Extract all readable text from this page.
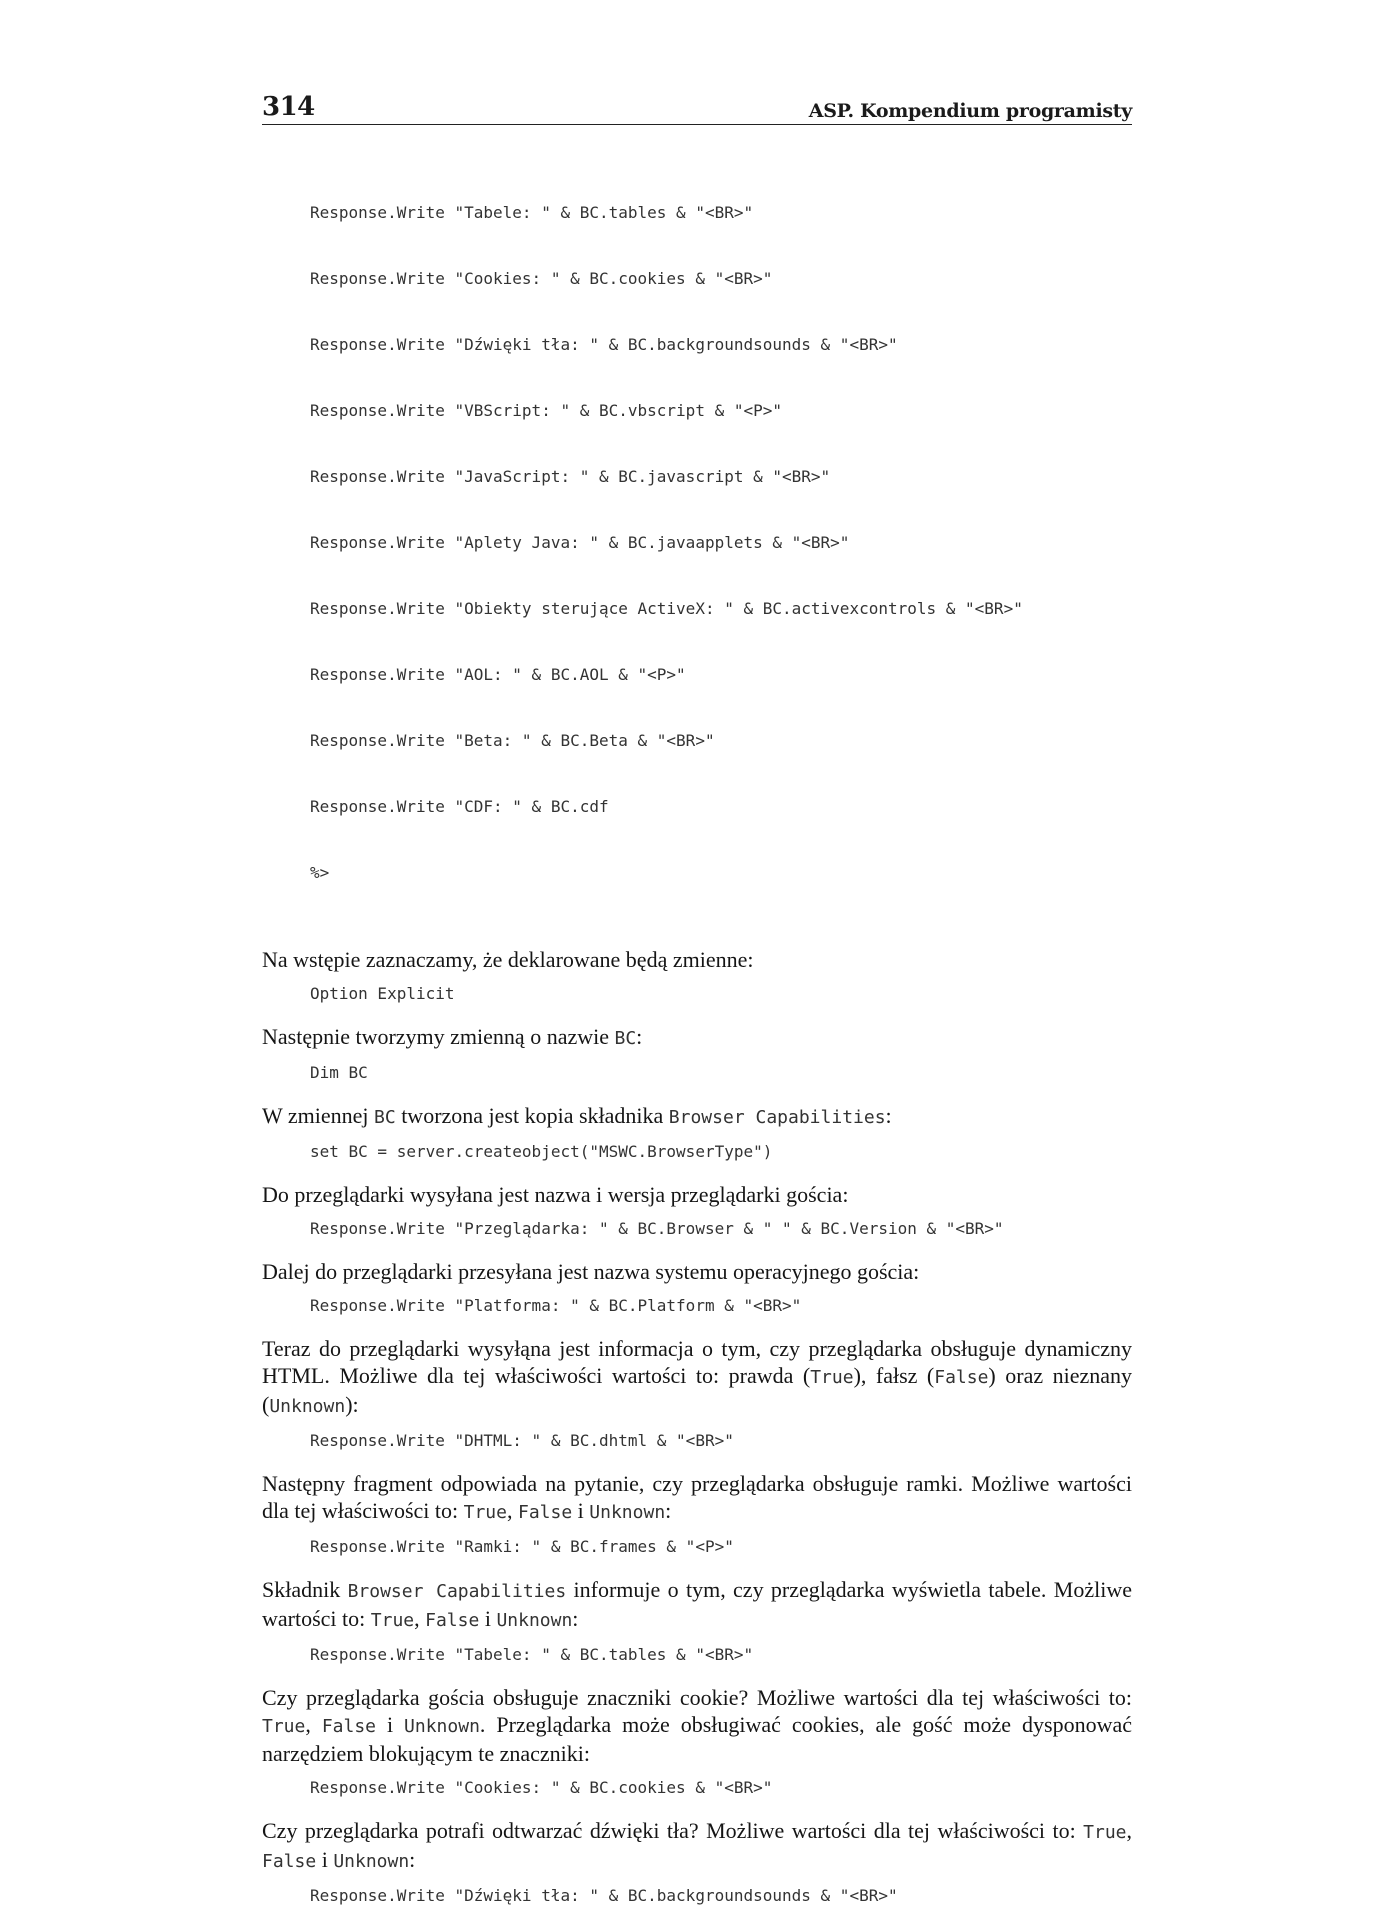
314	ASP. Kompendium programisty

Response.Write "Tabele: " & BC.tables & "<BR>"

Response.Write "Cookies: " & BC.cookies & "<BR>"

Response.Write "Dźwięki tła: " & BC.backgroundsounds & "<BR>"

Response.Write "VBScript: " & BC.vbscript & "<P>"

Response.Write "JavaScript: " & BC.javascript & "<BR>"

Response.Write "Aplety Java: " & BC.javaapplets & "<BR>"

Response.Write "Obiekty sterujące ActiveX: " & BC.activexcontrols & "<BR>"

Response.Write "AOL: " & BC.AOL & "<P>"

Response.Write "Beta: " & BC.Beta & "<BR>"

Response.Write "CDF: " & BC.cdf

%>

Na wstępie zaznaczamy, że deklarowane będą zmienne:

Option Explicit

Następnie tworzymy zmienną o nazwie BC:

Dim BC

W zmiennej BC tworzona jest kopia składnika Browser Capabilities:

set BC = server.createobject("MSWC.BrowserType")

Do przeglądarki wysyłana jest nazwa i wersja przeglądarki gościa:

Response.Write "Przeglądarka: " & BC.Browser & " " & BC.Version & "<BR>"

Dalej do przeglądarki przesyłana jest nazwa systemu operacyjnego gościa:

Response.Write "Platforma: " & BC.Platform & "<BR>"

Teraz do przeglądarki wysyłąna jest informacja o tym, czy przeglądarka obsługuje dynamiczny HTML. Możliwe dla tej właściwości wartości to: prawda (True), fałsz (False) oraz nieznany (Unknown):

Response.Write "DHTML: " & BC.dhtml & "<BR>"

Następny fragment odpowiada na pytanie, czy przeglądarka obsługuje ramki. Możliwe wartości dla tej właściwości to: True, False i Unknown:

Response.Write "Ramki: " & BC.frames & "<P>"

Składnik Browser Capabilities informuje o tym, czy przeglądarka wyświetla tabele. Możliwe wartości to: True, False i Unknown:

Response.Write "Tabele: " & BC.tables & "<BR>"

Czy przeglądarka gościa obsługuje znaczniki cookie? Możliwe wartości dla tej właściwości to: True, False i Unknown. Przeglądarka może obsługiwać cookies, ale gość może dysponować narzędziem blokującym te znaczniki:

Response.Write "Cookies: " & BC.cookies & "<BR>"

Czy przeglądarka potrafi odtwarzać dźwięki tła? Możliwe wartości dla tej właściwości to: True, False i Unknown:

Response.Write "Dźwięki tła: " & BC.backgroundsounds & "<BR>"
